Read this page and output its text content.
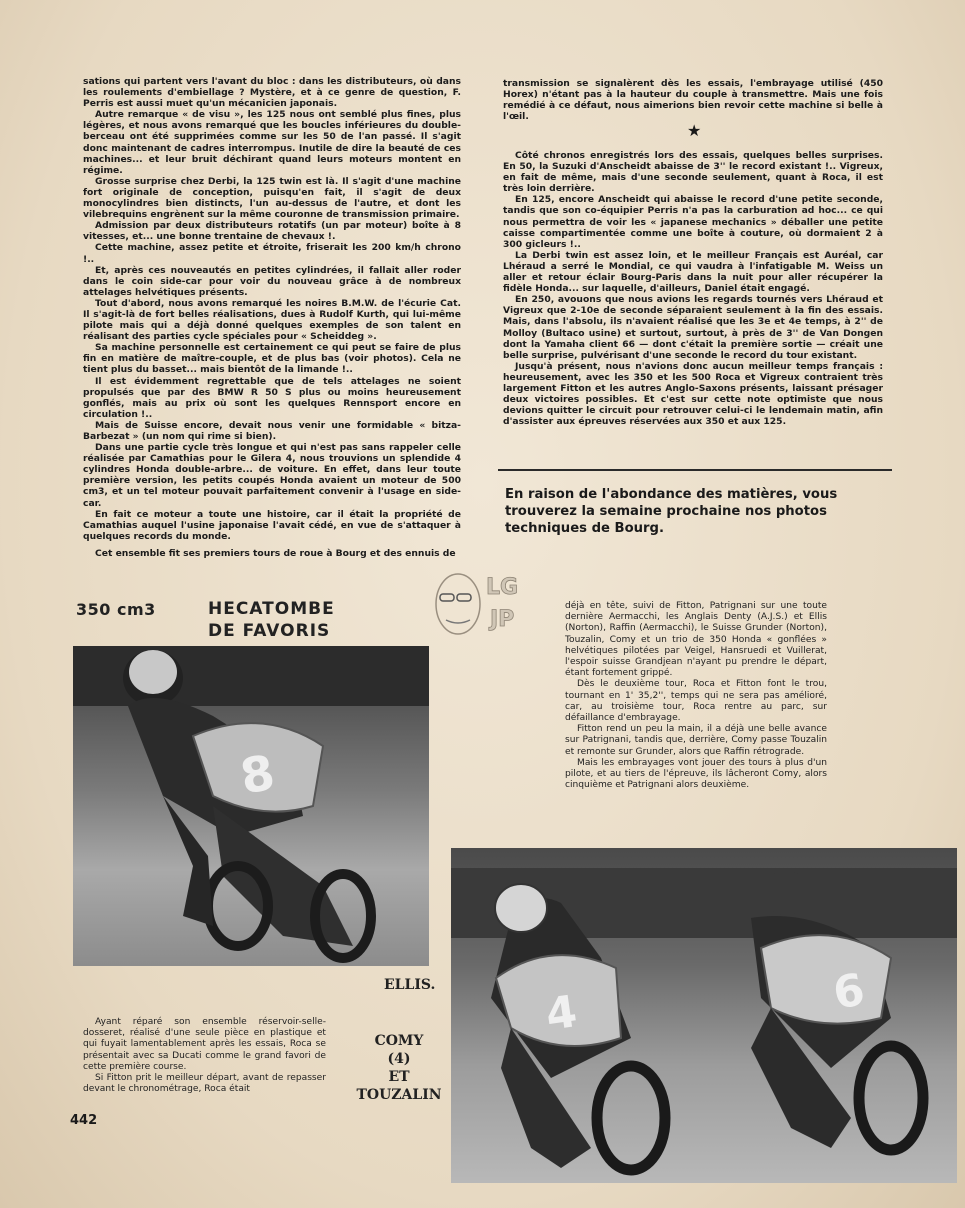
sations qui partent vers l'avant du bloc : dans les distributeurs, où dans les roulements d'embiellage ? Mystère, et à ce genre de question, F. Perris est aussi muet qu'un mécanicien japonais.

Autre remarque « de visu », les 125 nous ont semblé plus fines, plus légères, et nous avons remarqué que les boucles inférieures du double-berceau ont été supprimées comme sur les 50 de l'an passé. Il s'agit donc maintenant de cadres interrompus. Inutile de dire la beauté de ces machines... et leur bruit déchirant quand leurs moteurs montent en régime.

Grosse surprise chez Derbi, la 125 twin est là. Il s'agit d'une machine fort originale de conception, puisqu'en fait, il s'agit de deux monocylindres bien distincts, l'un au-dessus de l'autre, et dont les vilebrequins engrènent sur la même couronne de transmission primaire.

Admission par deux distributeurs rotatifs (un par moteur) boîte à 8 vitesses, et... une bonne trentaine de chevaux !.

Cette machine, assez petite et étroite, friserait les 200 km/h chrono !..

Et, après ces nouveautés en petites cylindrées, il fallait aller roder dans le coin side-car pour voir du nouveau grâce à de nombreux attelages helvétiques présents.

Tout d'abord, nous avons remarqué les noires B.M.W. de l'écurie Cat. Il s'agit-là de fort belles réalisations, dues à Rudolf Kurth, qui lui-même pilote mais qui a déjà donné quelques exemples de son talent en réalisant des parties cycle spéciales pour « Scheiddeg ».

Sa machine personnelle est certainement ce qui peut se faire de plus fin en matière de maître-couple, et de plus bas (voir photos). Cela ne tient plus du basset... mais bientôt de la limande !..

Il est évidemment regrettable que de tels attelages ne soient propulsés que par des BMW R 50 S plus ou moins heureusement gonflés, mais au prix où sont les quelques Rennsport encore en circulation !..

Mais de Suisse encore, devait nous venir une formidable « bitza-Barbezat » (un nom qui rime si bien).

Dans une partie cycle très longue et qui n'est pas sans rappeler celle réalisée par Camathias pour le Gilera 4, nous trouvions un splendide 4 cylindres Honda double-arbre... de voiture. En effet, dans leur toute première version, les petits coupés Honda avaient un moteur de 500 cm3, et un tel moteur pouvait parfaitement convenir à l'usage en side-car.

En fait ce moteur a toute une histoire, car il était la propriété de Camathias auquel l'usine japonaise l'avait cédé, en vue de s'attaquer à quelques records du monde.

Cet ensemble fit ses premiers tours de roue à Bourg et des ennuis de

transmission se signalèrent dès les essais, l'embrayage utilisé (450 Horex) n'étant pas à la hauteur du couple à transmettre. Mais une fois remédié à ce défaut, nous aimerions bien revoir cette machine si belle à l'œil.

★

Côté chronos enregistrés lors des essais, quelques belles surprises. En 50, la Suzuki d'Anscheidt abaisse de 3'' le record existant !.. Vigreux, en fait de même, mais d'une seconde seulement, quant à Roca, il est très loin derrière.

En 125, encore Anscheidt qui abaisse le record d'une petite seconde, tandis que son co-équipier Perris n'a pas la carburation ad hoc... ce qui nous permettra de voir les « japanese mechanics » déballer une petite caisse compartimentée comme une boîte à couture, où dormaient 2 à 300 gicleurs !..

La Derbi twin est assez loin, et le meilleur Français est Auréal, car Lhéraud a serré le Mondial, ce qui vaudra à l'infatigable M. Weiss un aller et retour éclair Bourg-Paris dans la nuit pour aller récupérer la fidèle Honda... sur laquelle, d'ailleurs, Daniel était engagé.

En 250, avouons que nous avions les regards tournés vers Lhéraud et Vigreux que 2-10e de seconde séparaient seulement à la fin des essais. Mais, dans l'absolu, ils n'avaient réalisé que les 3e et 4e temps, à 2'' de Molloy (Bultaco usine) et surtout, surtout, à près de 3'' de Van Dongen dont la Yamaha client 66 — dont c'était la première sortie — créait une belle surprise, pulvérisant d'une seconde le record du tour existant.

Jusqu'à présent, nous n'avions donc aucun meilleur temps français : heureusement, avec les 350 et les 500 Roca et Vigreux contraient très largement Fitton et les autres Anglo-Saxons présents, laissant présager deux victoires possibles. Et c'est sur cette note optimiste que nous devions quitter le circuit pour retrouver celui-ci le lendemain matin, afin d'assister aux épreuves réservées aux 350 et aux 125.

En raison de l'abondance des matières, vous trouverez la semaine prochaine nos photos techniques de Bourg.
LG
JP
350 cm3	HECATOMBE
DE FAVORIS
8
ELLIS.

déjà en tête, suivi de Fitton, Patrignani sur une toute dernière Aermacchi, les Anglais Denty (A.J.S.) et Ellis (Norton), Raffin (Aermacchi), le Suisse Grunder (Norton), Touzalin, Comy et un trio de 350 Honda « gonflées » helvétiques pilotées par Veigel, Hansruedi et Vuillerat, l'espoir suisse Grandjean n'ayant pu prendre le départ, étant fortement grippé.

Dès le deuxième tour, Roca et Fitton font le trou, tournant en 1' 35,2'', temps qui ne sera pas amélioré, car, au troisième tour, Roca rentre au parc, sur défaillance d'embrayage.

Fitton rend un peu la main, il a déjà une belle avance sur Patrignani, tandis que, derrière, Comy passe Touzalin et remonte sur Grunder, alors que Raffin rétrograde.

Mais les embrayages vont jouer des tours à plus d'un pilote, et au tiers de l'épreuve, ils lâcheront Comy, alors cinquième et Patrignani alors deuxième.

Ayant réparé son ensemble réservoir-selle-dosseret, réalisé d'une seule pièce en plastique et qui fuyait lamentablement après les essais, Roca se présentait avec sa Ducati comme le grand favori de cette première course.

Si Fitton prit le meilleur départ, avant de repasser devant le chronométrage, Roca était

COMY
(4)
ET
TOUZALIN
4	6
442
